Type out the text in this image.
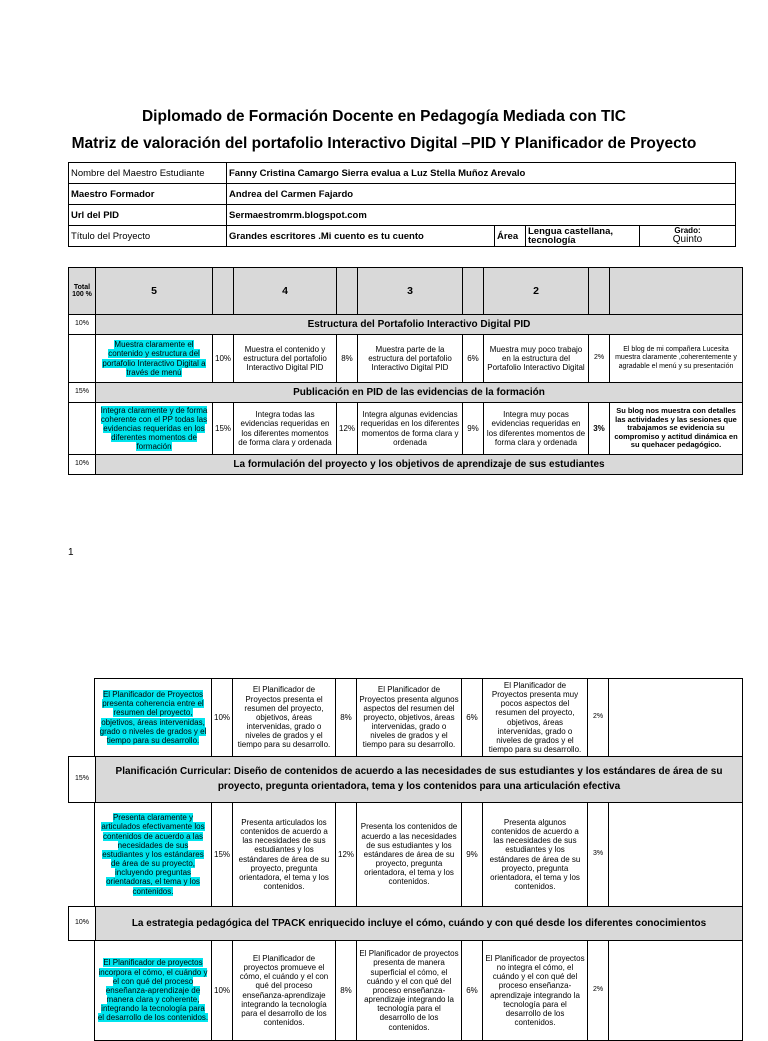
Diplomado de Formación Docente en Pedagogía Mediada con TIC
Matriz de valoración del portafolio Interactivo Digital –PID Y Planificador de Proyecto
Nombre del Maestro Estudiante	Fanny Cristina Camargo Sierra evalua a Luz Stella Muñoz Arevalo			
Maestro Formador	Andrea del Carmen Fajardo			
Url del PID	Sermaestromrm.blogspot.com			
Título del Proyecto	Grandes escritores .Mi cuento es tu cuento	Área	Lengua castellana, tecnología	Grado:
Quinto
Total 100 %	5		4		3		2		
10%	Estructura del Portafolio Interactivo Digital PID								
	Muestra claramente el contenido y estructura del portafolio Interactivo Digital a través de menú	10%	Muestra el contenido y estructura del portafolio Interactivo Digital PID	8%	Muestra parte de la estructura del portafolio Interactivo Digital PID	6%	Muestra muy poco trabajo en la estructura del Portafolio Interactivo Digital	2%	El blog de mi compañera Lucesita muestra claramente ,coherentemente y agradable el menú y su presentación
15%	Publicación en PID de las evidencias de la formación								
	Integra claramente y de forma coherente con el PP todas las evidencias requeridas en los diferentes momentos de formación	15%	Integra todas las evidencias requeridas en los diferentes momentos de forma clara y ordenada	12%	Integra algunas evidencias requeridas en los diferentes momentos de forma clara y ordenada	9%	Integra muy pocas evidencias requeridas en los diferentes momentos de forma clara y ordenada	3%	Su blog nos muestra con detalles las actividades y las sesiones que trabajamos se evidencia su compromiso y actitud dinámica en su quehacer pedagógico.
10%	La formulación del proyecto y los objetivos de aprendizaje de sus estudiantes								
1
El Planificador de Proyectos presenta coherencia entre el resumen del proyecto, objetivos, áreas intervenidas, grado o niveles de grados y el tiempo para su desarrollo.	10%	El Planificador de Proyectos presenta el resumen del proyecto, objetivos, áreas intervenidas, grado o niveles de grados y el tiempo para su desarrollo.	8%	El Planificador de Proyectos presenta algunos aspectos del resumen del proyecto, objetivos, áreas intervenidas, grado o niveles de grados y el tiempo para su desarrollo.	6%	El Planificador de Proyectos presenta muy pocos aspectos del resumen del proyecto, objetivos, áreas intervenidas, grado o niveles de grados y el tiempo para su desarrollo.	2%	
15%	Planificación Curricular: Diseño de contenidos de acuerdo a las necesidades de sus estudiantes y los estándares de área de su proyecto, pregunta orientadora, tema y los contenidos para una articulación efectiva
Presenta claramente y articulados efectivamente los contenidos de acuerdo a las necesidades de sus estudiantes y los estándares de área de su proyecto, incluyendo preguntas orientadoras, el tema y los contenidos.	15%	Presenta articulados los contenidos de acuerdo a las necesidades de sus estudiantes y los estándares de área de su proyecto, pregunta orientadora, el tema y los contenidos.	12%	Presenta los contenidos de acuerdo a las necesidades de sus estudiantes y los estándares de área de su proyecto, pregunta orientadora, el tema y los contenidos.	9%	Presenta algunos contenidos de acuerdo a las necesidades de sus estudiantes y los estándares de área de su proyecto, pregunta orientadora, el tema y los contenidos.	3%	
10%	La estrategia pedagógica del TPACK enriquecido incluye el cómo, cuándo y con qué desde los diferentes conocimientos
El Planificador de proyectos incorpora el cómo, el cuándo y el con qué del proceso enseñanza-aprendizaje de manera clara y coherente, integrando la tecnología para el desarrollo de los contenidos.	10%	El Planificador de proyectos promueve el cómo, el cuándo y el con qué del proceso enseñanza-aprendizaje integrando la tecnología para el desarrollo de los contenidos.	8%	El Planificador de proyectos presenta de manera superficial el cómo, el cuándo y el con qué del proceso enseñanza-aprendizaje integrando la tecnología para el desarrollo de los contenidos.	6%	El Planificador de proyectos no integra el cómo, el cuándo y el con qué del proceso enseñanza-aprendizaje integrando la tecnología para el desarrollo de los contenidos.	2%	
